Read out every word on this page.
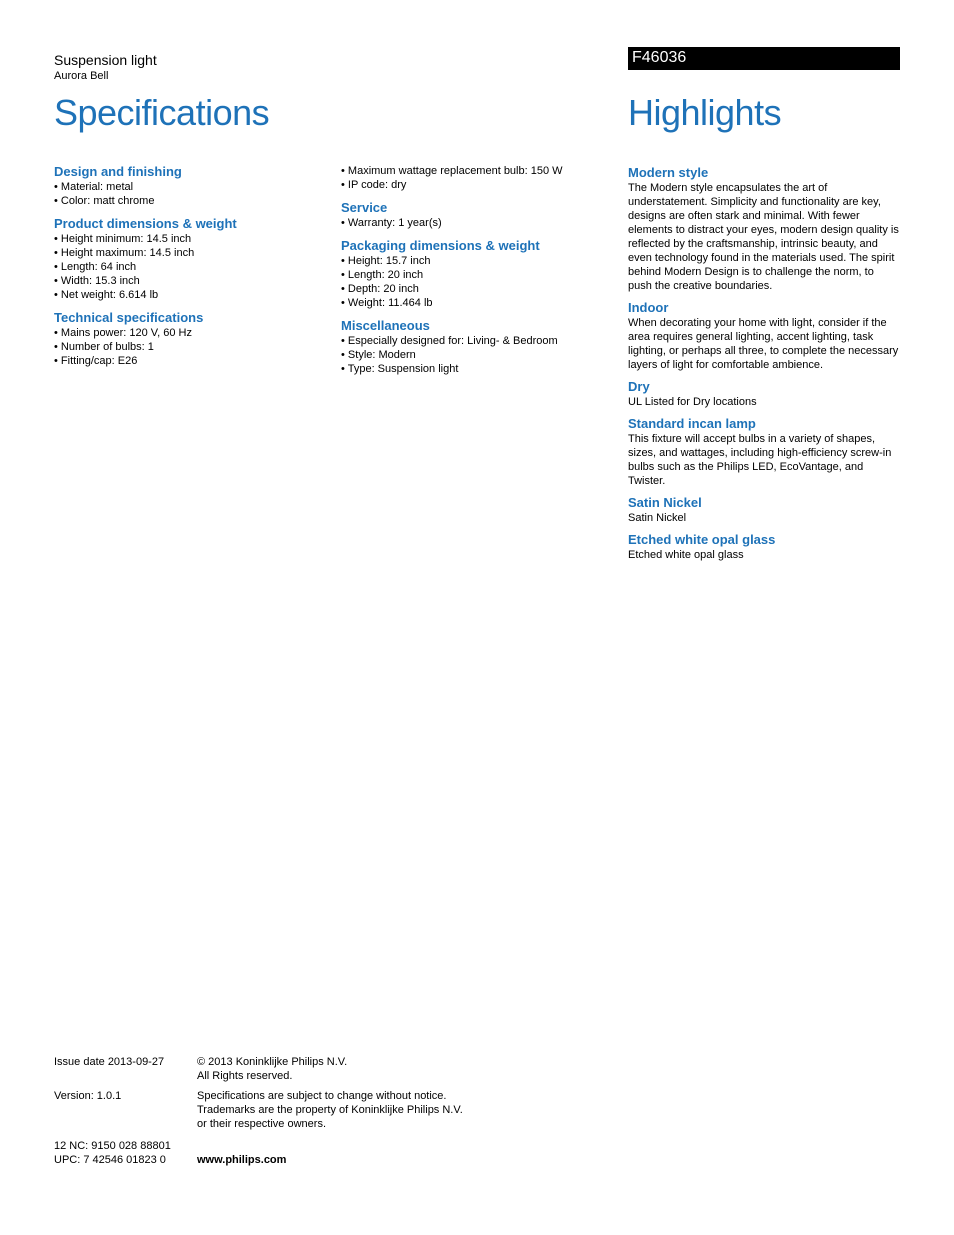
Suspension light
Aurora Bell
F46036
Specifications	Highlights
Design and finishing
• Material: metal
• Color: matt chrome
Product dimensions & weight
• Height minimum: 14.5 inch
• Height maximum: 14.5 inch
• Length: 64 inch
• Width: 15.3 inch
• Net weight: 6.614 lb
Technical specifications
• Mains power: 120 V, 60 Hz
• Number of bulbs: 1
• Fitting/cap: E26
• Maximum wattage replacement bulb: 150 W
• IP code: dry
Service
• Warranty: 1 year(s)
Packaging dimensions & weight
• Height: 15.7 inch
• Length: 20 inch
• Depth: 20 inch
• Weight: 11.464 lb
Miscellaneous
• Especially designed for: Living- & Bedroom
• Style: Modern
• Type: Suspension light
Modern style
The Modern style encapsulates the art of understatement. Simplicity and functionality are key, designs are often stark and minimal. With fewer elements to distract your eyes, modern design quality is reflected by the craftsmanship, intrinsic beauty, and even technology found in the materials used. The spirit behind Modern Design is to challenge the norm, to push the creative boundaries.
Indoor
When decorating your home with light, consider if the area requires general lighting, accent lighting, task lighting, or perhaps all three, to complete the necessary layers of light for comfortable ambience.
Dry
UL Listed for Dry locations
Standard incan lamp
This fixture will accept bulbs in a variety of shapes, sizes, and wattages, including high-efficiency screw-in bulbs such as the Philips LED, EcoVantage, and Twister.
Satin Nickel
Satin Nickel
Etched white opal glass
Etched white opal glass
Issue date 2013-09-27	© 2013 Koninklijke Philips N.V.
All Rights reserved.
Version: 1.0.1	Specifications are subject to change without notice.
Trademarks are the property of Koninklijke Philips N.V.
or their respective owners.
12 NC: 9150 028 88801
UPC: 7 42546 01823 0	www.philips.com
